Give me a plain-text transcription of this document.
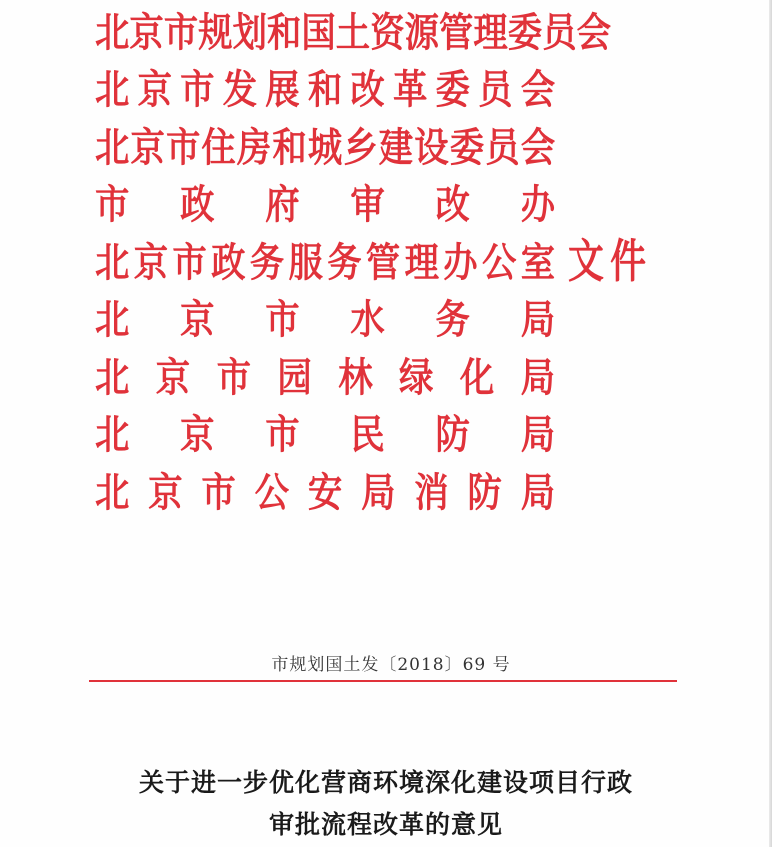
北 京 市 规 划 和 国 土 资 源 管 理 委 员 会
北 京 市 发 展 和 改 革 委 员 会
北 京 市 住 房 和 城 乡 建 设 委 员 会
市 政 府 审 改 办
北 京 市 政 务 服 务 管 理 办 公 室
北 京 市 水 务 局
北 京 市 园 林 绿 化 局
北 京 市 民 防 局
北 京 市 公 安 局 消 防 局
文件
市规划国土发〔2018〕69 号
关于进一步优化营商环境深化建设项目行政
审批流程改革的意见
